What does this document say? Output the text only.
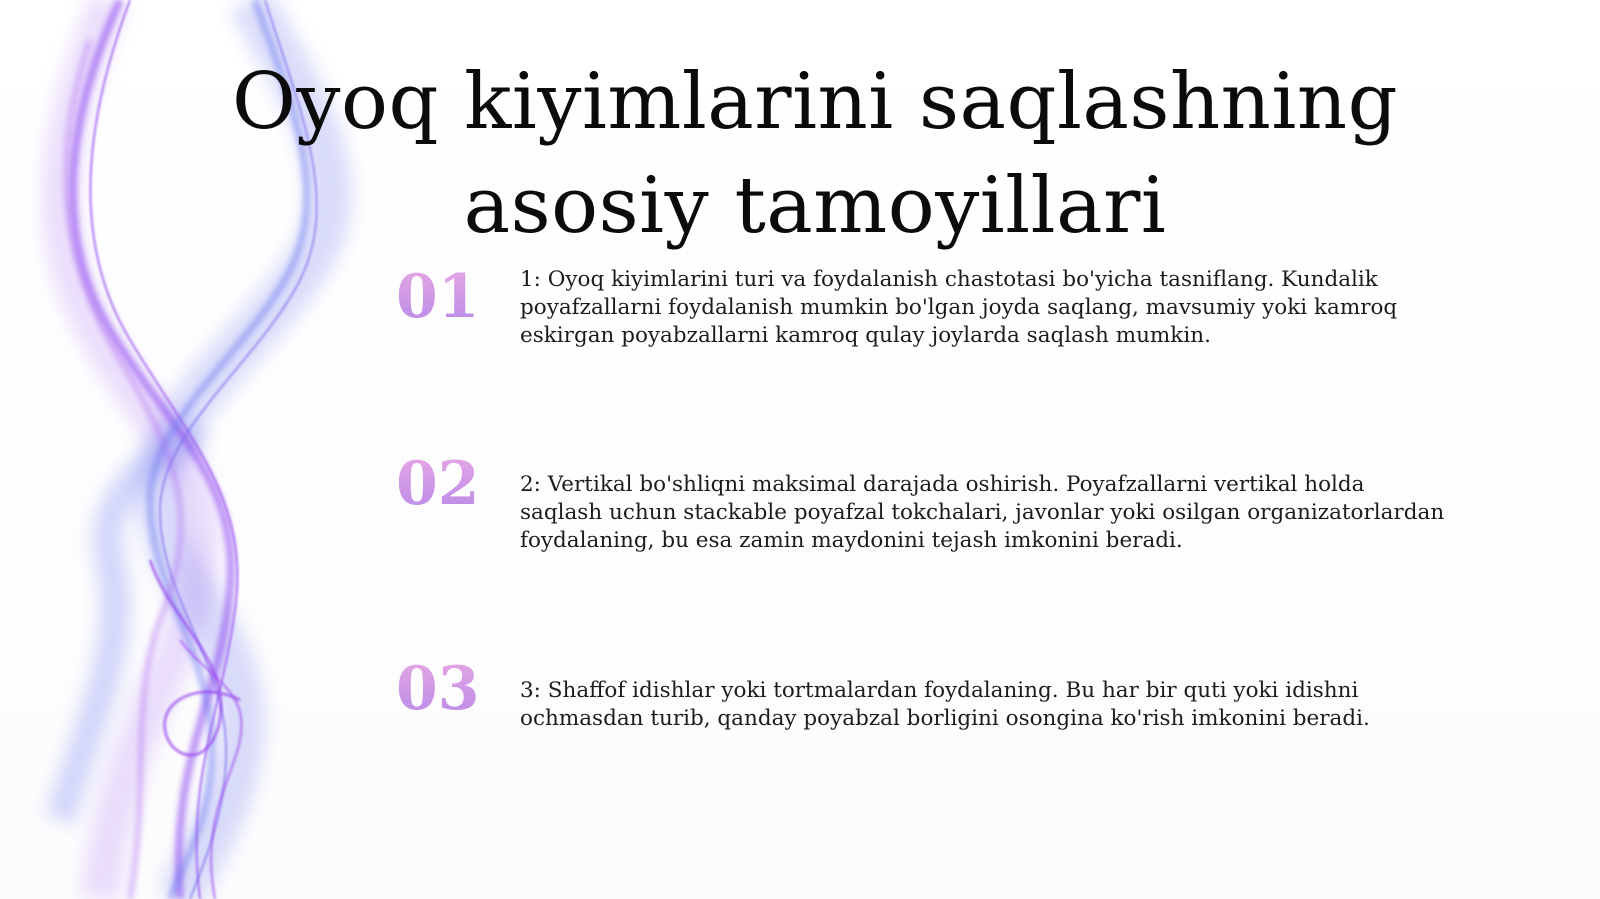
Oyoq kiyimlarini saqlashning asosiy tamoyillari
01	1: Oyoq kiyimlarini turi va foydalanish chastotasi bo'yicha tasniflang. Kundalik poyafzallarni foydalanish mumkin bo'lgan joyda saqlang, mavsumiy yoki kamroq eskirgan poyabzallarni kamroq qulay joylarda saqlash mumkin.

02	2: Vertikal bo'shliqni maksimal darajada oshirish. Poyafzallarni vertikal holda saqlash uchun stackable poyafzal tokchalari, javonlar yoki osilgan organizatorlardan foydalaning, bu esa zamin maydonini tejash imkonini beradi.

03	3: Shaffof idishlar yoki tortmalardan foydalaning. Bu har bir quti yoki idishni ochmasdan turib, qanday poyabzal borligini osongina ko'rish imkonini beradi.
